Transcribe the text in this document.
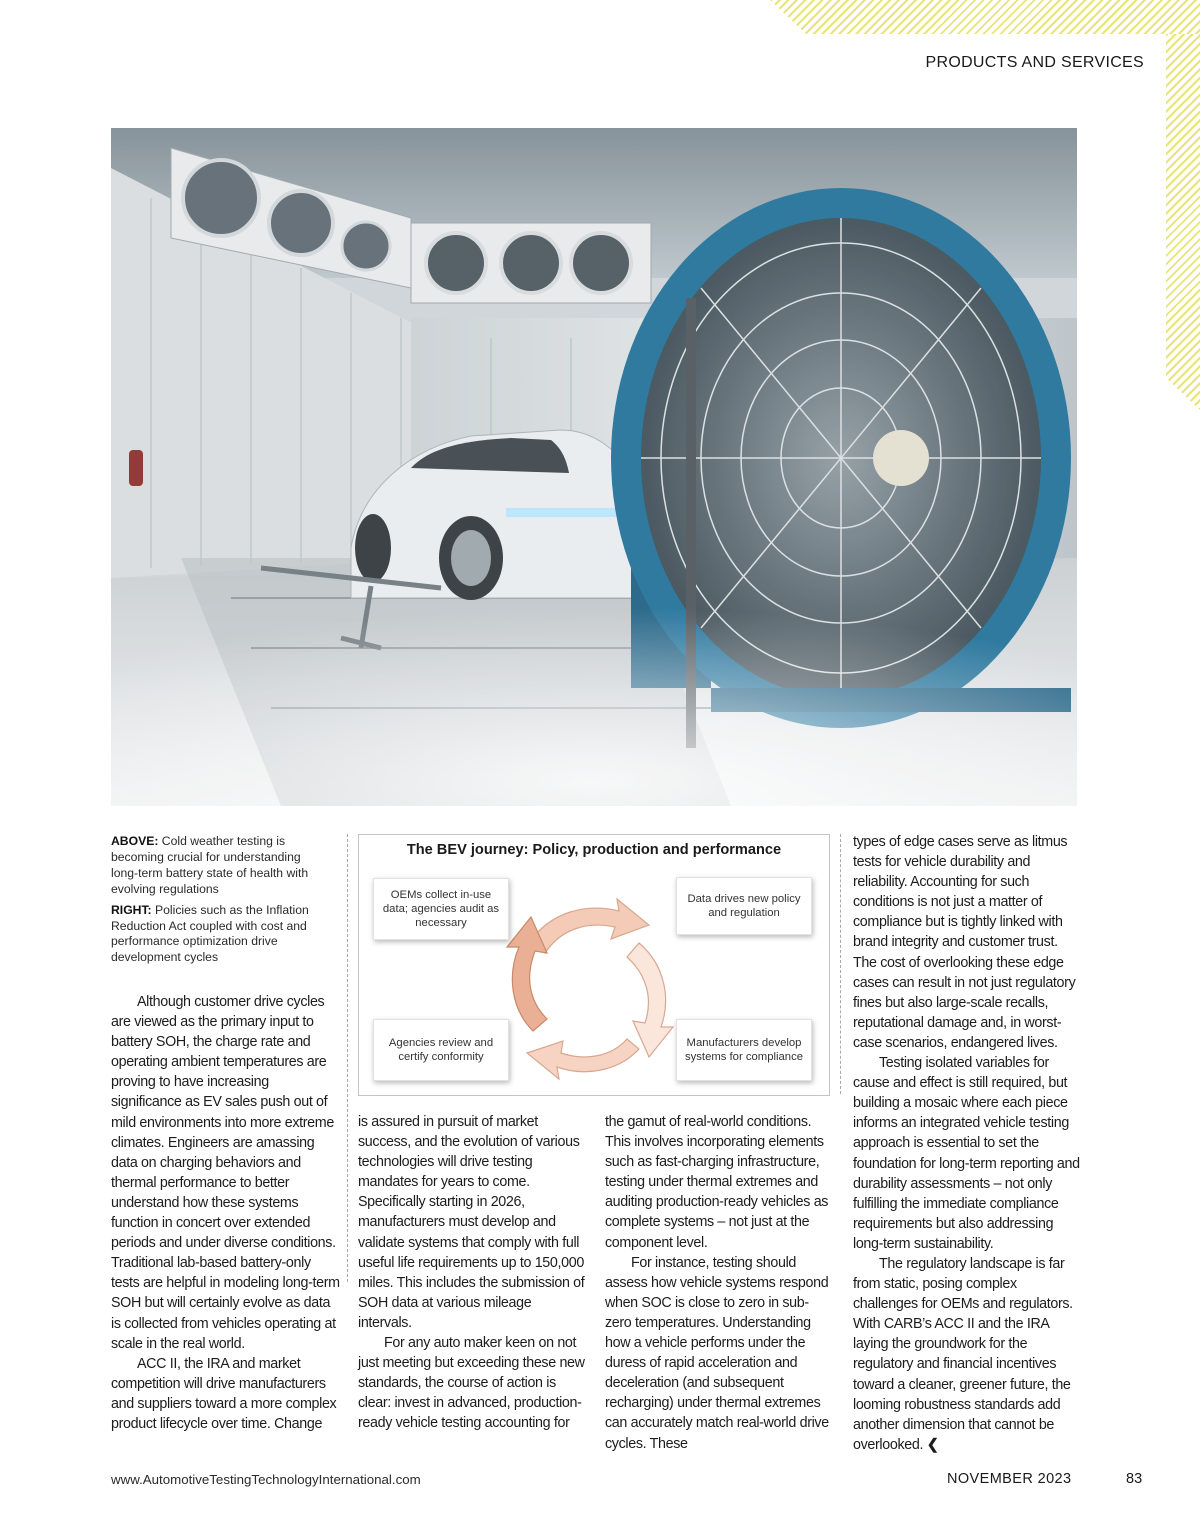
PRODUCTS AND SERVICES

ABOVE: Cold weather testing is becoming crucial for understanding long-term battery state of health with evolving regulations

RIGHT: Policies such as the Inflation Reduction Act coupled with cost and performance optimization drive development cycles

The BEV journey: Policy, production and performance
OEMs collect in-use data; agencies audit as necessary
Data drives new policy and regulation
Agencies review and certify conformity
Manufacturers develop systems for compliance

Although customer drive cycles are viewed as the primary input to battery SOH, the charge rate and operating ambient temperatures are proving to have increasing significance as EV sales push out of mild environments into more extreme climates. Engineers are amassing data on charging behaviors and thermal performance to better understand how these systems function in concert over extended periods and under diverse conditions. Traditional lab-based battery-only tests are helpful in modeling long-term SOH but will certainly evolve as data is collected from vehicles operating at scale in the real world.

ACC II, the IRA and market competition will drive manufacturers and suppliers toward a more complex product lifecycle over time. Change

is assured in pursuit of market success, and the evolution of various technologies will drive testing mandates for years to come. Specifically starting in 2026, manufacturers must develop and validate systems that comply with full useful life requirements up to 150,000 miles. This includes the submission of SOH data at various mileage intervals.

For any auto maker keen on not just meeting but exceeding these new standards, the course of action is clear: invest in advanced, production-ready vehicle testing accounting for

the gamut of real-world conditions. This involves incorporating elements such as fast-charging infrastructure, testing under thermal extremes and auditing production-ready vehicles as complete systems – not just at the component level.

For instance, testing should assess how vehicle systems respond when SOC is close to zero in sub-zero temperatures. Understanding how a vehicle performs under the duress of rapid acceleration and deceleration (and subsequent recharging) under thermal extremes can accurately match real-world drive cycles. These

types of edge cases serve as litmus tests for vehicle durability and reliability. Accounting for such conditions is not just a matter of compliance but is tightly linked with brand integrity and customer trust. The cost of overlooking these edge cases can result in not just regulatory fines but also large-scale recalls, reputational damage and, in worst-case scenarios, endangered lives.

Testing isolated variables for cause and effect is still required, but building a mosaic where each piece informs an integrated vehicle testing approach is essential to set the foundation for long-term reporting and durability assessments – not only fulfilling the immediate compliance requirements but also addressing long-term sustainability.

The regulatory landscape is far from static, posing complex challenges for OEMs and regulators. With CARB’s ACC II and the IRA laying the groundwork for the regulatory and financial incentives toward a cleaner, greener future, the looming robustness standards add another dimension that cannot be overlooked. ❮

www.AutomotiveTestingTechnologyInternational.com	NOVEMBER 2023	83
